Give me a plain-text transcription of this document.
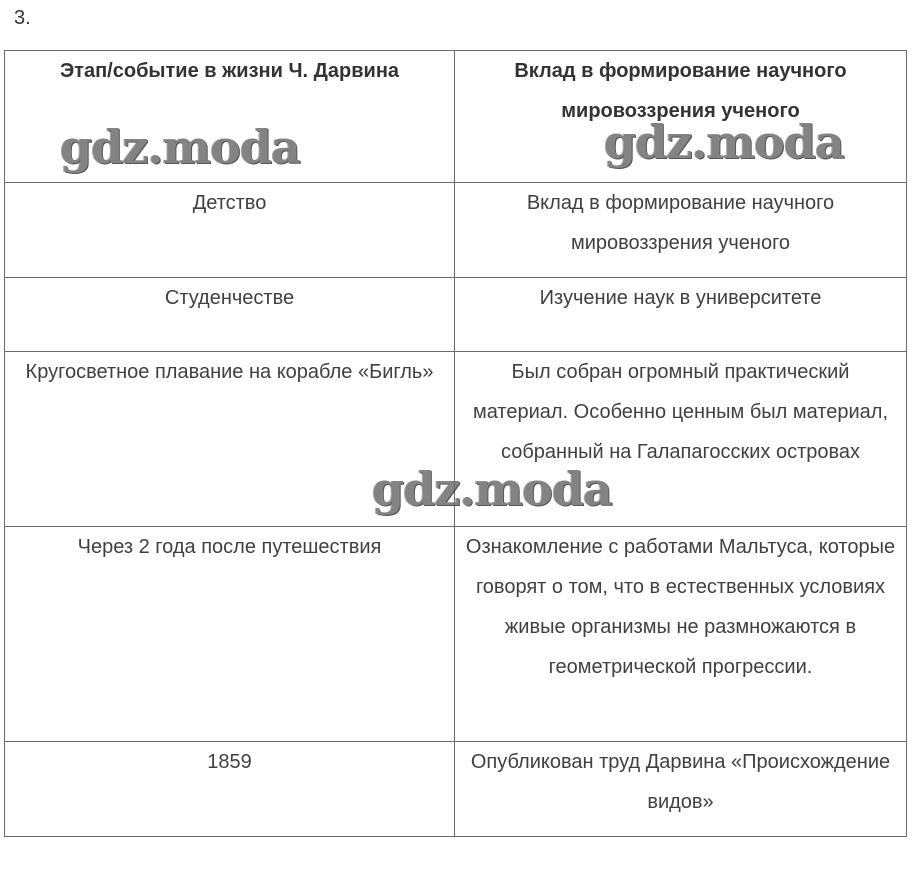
3.
Этап/событие в жизни Ч. Дарвина	Вклад в формирование научного мировоззрения ученого
Детство	Вклад в формирование научного мировоззрения ученого
Студенчестве	Изучение наук в университете
Кругосветное плавание на корабле «Бигль»	Был собран огромный практический материал. Особенно ценным был материал, собранный на Галапагосских островах
Через 2 года после путешествия	Ознакомление с работами Мальтуса, которые говорят о том, что в естественных условиях живые организмы не размножаются в геометрической прогрессии.
1859	Опубликован труд Дарвина «Происхождение видов»
gdz.moda	gdz.moda
gdz.moda
